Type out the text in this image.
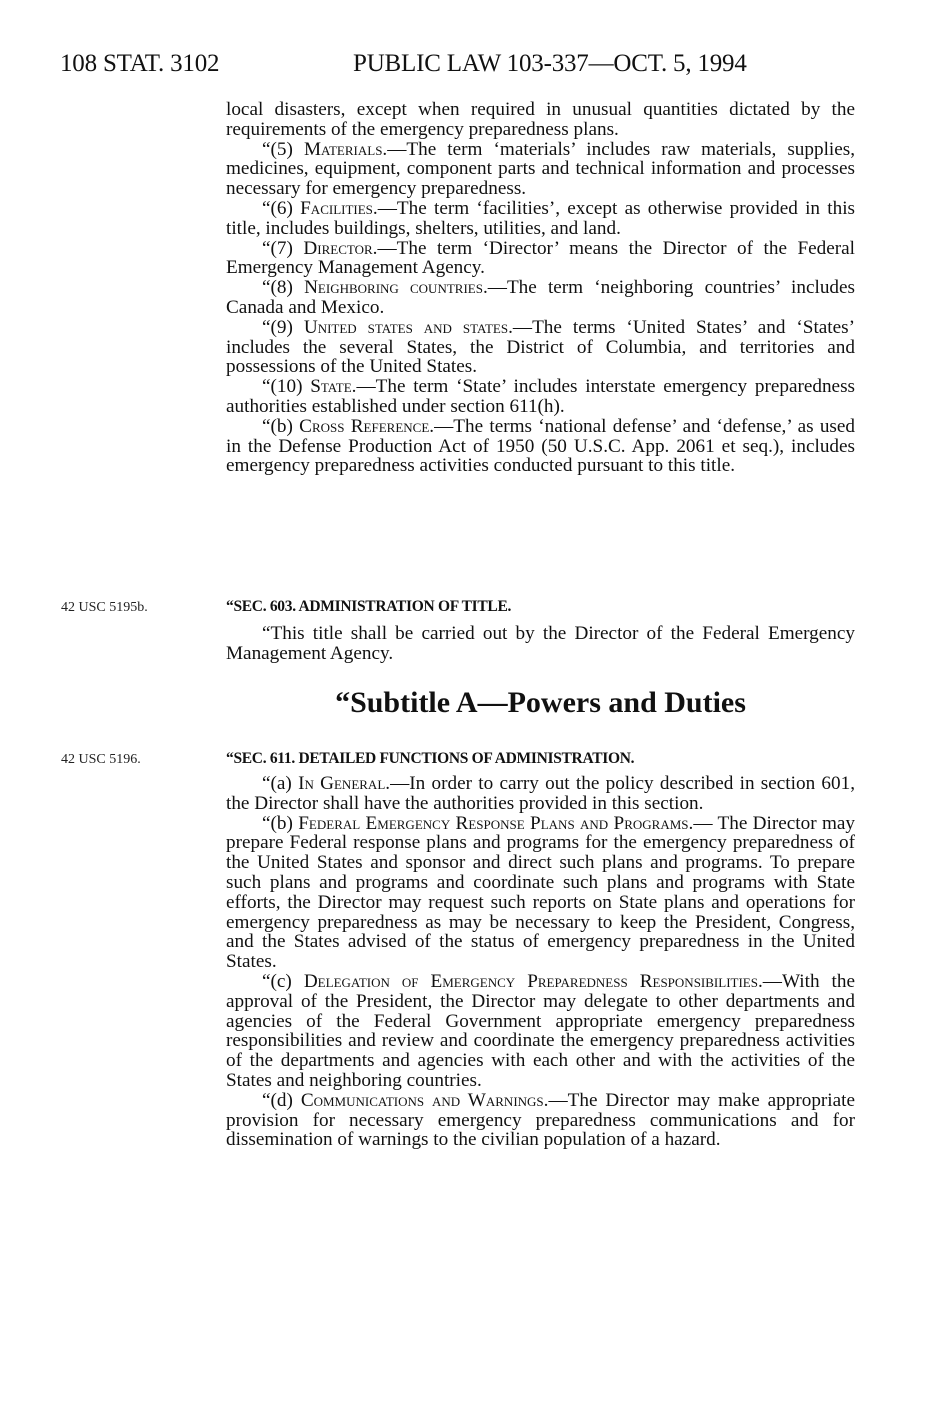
108 STAT. 3102	PUBLIC LAW 103-337—OCT. 5, 1994

local disasters, except when required in unusual quantities dictated by the requirements of the emergency preparedness plans.

“(5) Materials.—The term ‘materials’ includes raw materials, supplies, medicines, equipment, component parts and technical information and processes necessary for emergency preparedness.

“(6) Facilities.—The term ‘facilities’, except as otherwise provided in this title, includes buildings, shelters, utilities, and land.

“(7) Director.—The term ‘Director’ means the Director of the Federal Emergency Management Agency.

“(8) Neighboring countries.—The term ‘neighboring countries’ includes Canada and Mexico.

“(9) United states and states.—The terms ‘United States’ and ‘States’ includes the several States, the District of Columbia, and territories and possessions of the United States.

“(10) State.—The term ‘State’ includes interstate emergency preparedness authorities established under section 611(h).

“(b) Cross Reference.—The terms ‘national defense’ and ‘defense,’ as used in the Defense Production Act of 1950 (50 U.S.C. App. 2061 et seq.), includes emergency preparedness activities conducted pursuant to this title.

42 USC 5195b.	“SEC. 603. ADMINISTRATION OF TITLE.

“This title shall be carried out by the Director of the Federal Emergency Management Agency.

“Subtitle A—Powers and Duties
42 USC 5196.	“SEC. 611. DETAILED FUNCTIONS OF ADMINISTRATION.

“(a) In General.—In order to carry out the policy described in section 601, the Director shall have the authorities provided in this section.

“(b) Federal Emergency Response Plans and Programs.— The Director may prepare Federal response plans and programs for the emergency preparedness of the United States and sponsor and direct such plans and programs. To prepare such plans and programs and coordinate such plans and programs with State efforts, the Director may request such reports on State plans and operations for emergency preparedness as may be necessary to keep the President, Congress, and the States advised of the status of emergency preparedness in the United States.

“(c) Delegation of Emergency Preparedness Responsibilities.—With the approval of the President, the Director may delegate to other departments and agencies of the Federal Government appropriate emergency preparedness responsibilities and review and coordinate the emergency preparedness activities of the departments and agencies with each other and with the activities of the States and neighboring countries.

“(d) Communications and Warnings.—The Director may make appropriate provision for necessary emergency preparedness communications and for dissemination of warnings to the civilian population of a hazard.
